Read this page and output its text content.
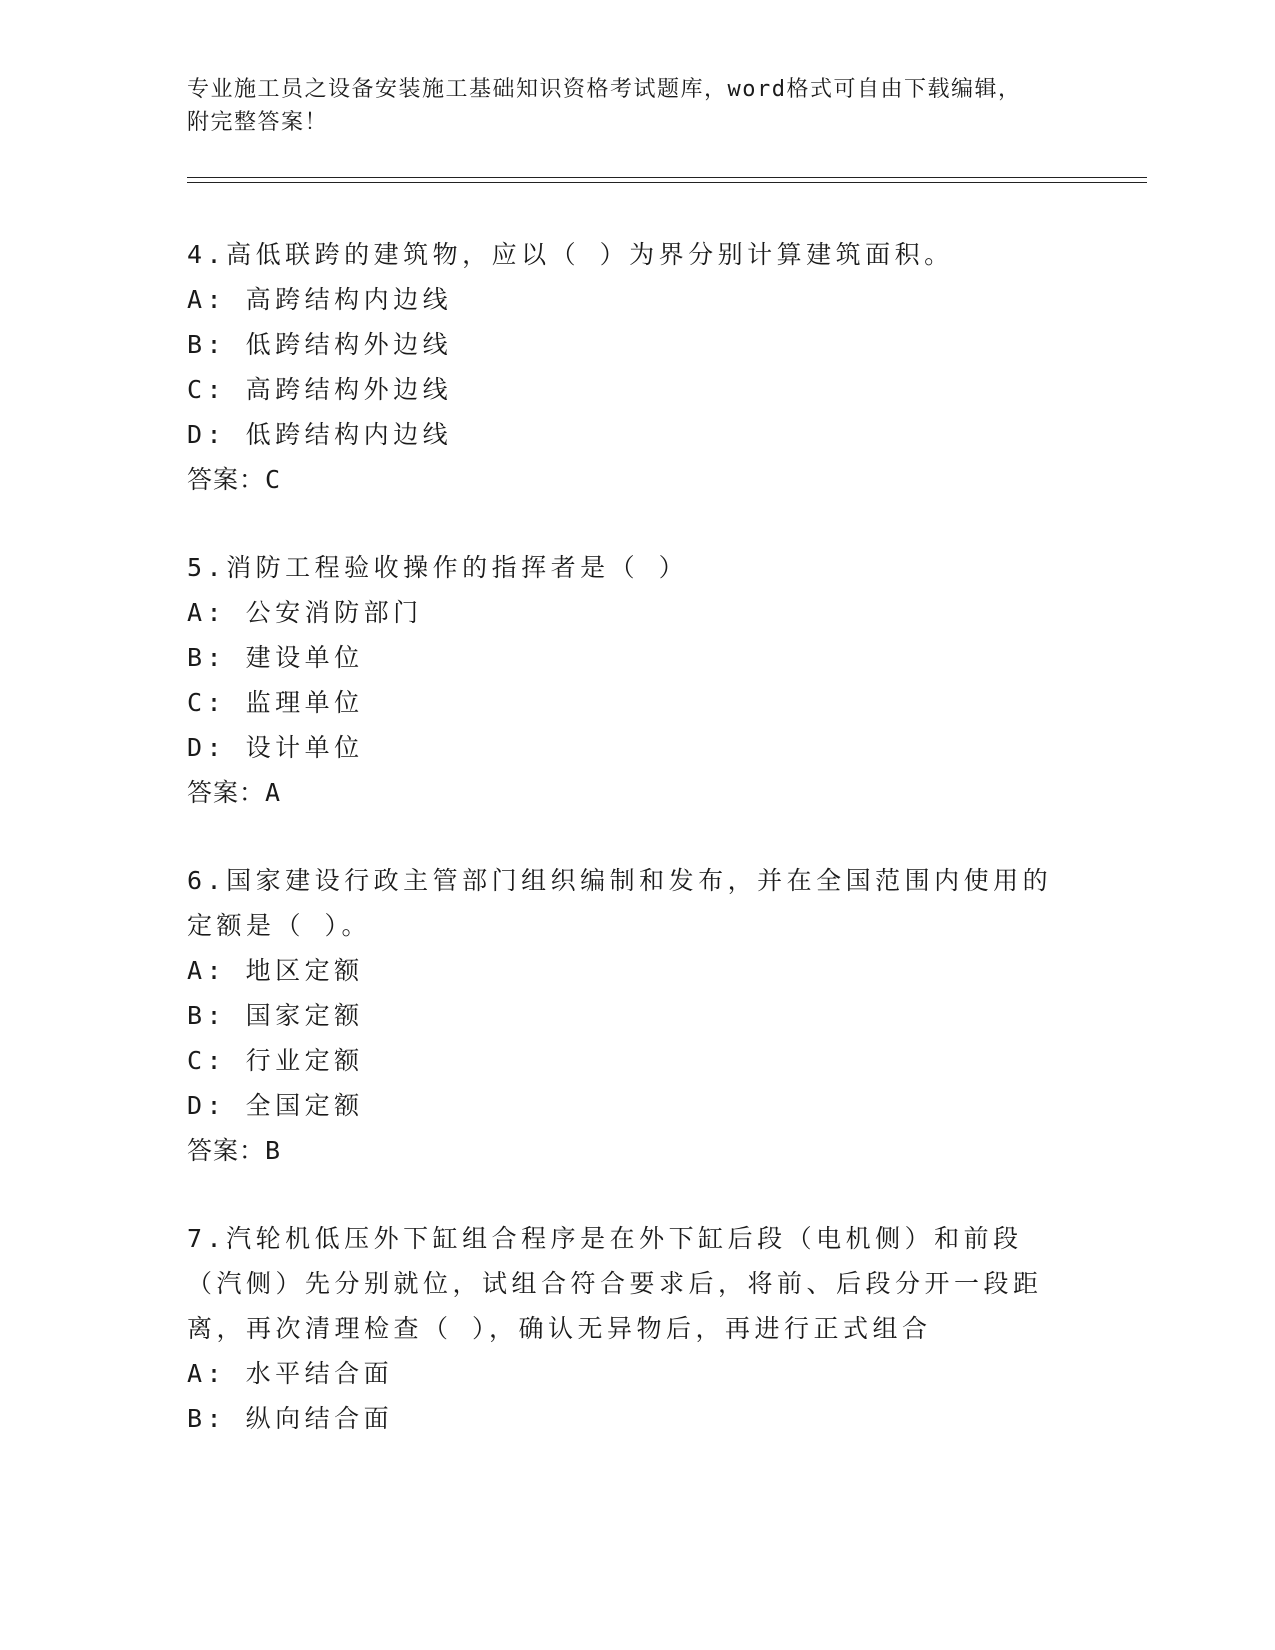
专业施工员之设备安装施工基础知识资格考试题库，word格式可自由下载编辑，
附完整答案！
4.高低联跨的建筑物，应以（ ）为界分别计算建筑面积。
A: 高跨结构内边线
B: 低跨结构外边线
C: 高跨结构外边线
D: 低跨结构内边线
答案：C
5.消防工程验收操作的指挥者是（ ）
A: 公安消防部门
B: 建设单位
C: 监理单位
D: 设计单位
答案：A
6.国家建设行政主管部门组织编制和发布，并在全国范围内使用的定额是（ ）。
A: 地区定额
B: 国家定额
C: 行业定额
D: 全国定额
答案：B
7.汽轮机低压外下缸组合程序是在外下缸后段（电机侧）和前段（汽侧）先分别就位，试组合符合要求后，将前、后段分开一段距离，再次清理检查（ ），确认无异物后，再进行正式组合
A: 水平结合面
B: 纵向结合面
